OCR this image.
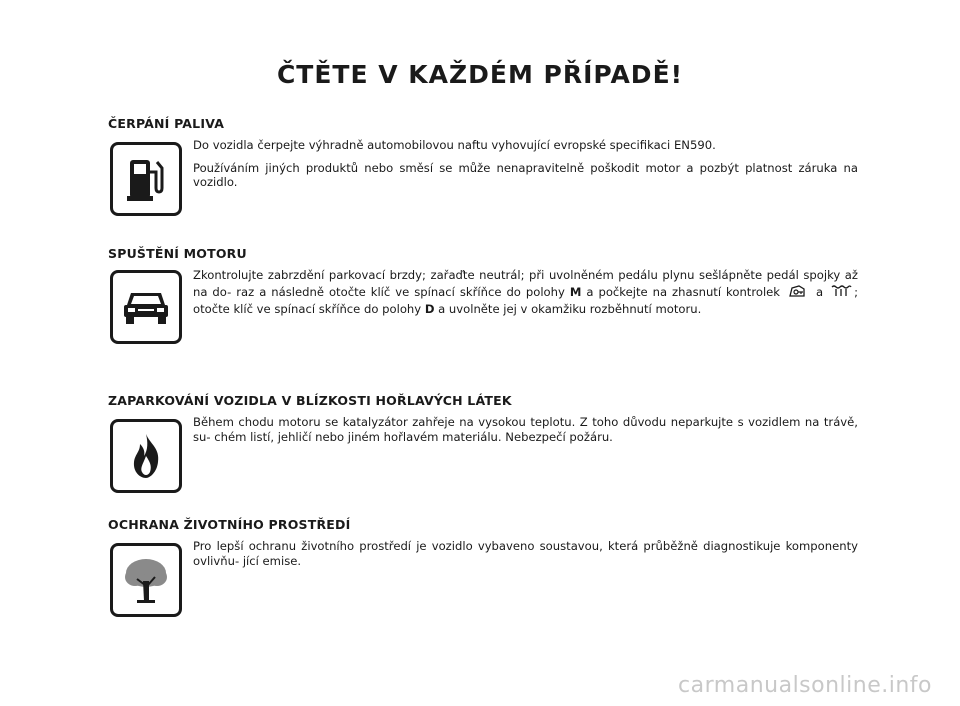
ČTĚTE V KAŽDÉM PŘÍPADĚ!
ČERPÁNÍ PALIVA

Do vozidla čerpejte výhradně automobilovou naftu vyhovující evropské specifikaci EN590.

Používáním jiných produktů nebo směsí se může nenapravitelně poškodit motor a pozbýt platnost záruka na vozidlo.

SPUŠTĚNÍ MOTORU

Zkontrolujte zabrzdění parkovací brzdy; zařaďte neutrál; při uvolněném pedálu plynu sešlápněte pedál spojky až na do- raz a následně otočte klíč ve spínací skříňce do polohy M a počkejte na zhasnutí kontrolek	a	; otočte klíč ve spínací skříňce do polohy D a uvolněte jej v okamžiku rozběhnutí motoru.

ZAPARKOVÁNÍ VOZIDLA V BLÍZKOSTI HOŘLAVÝCH LÁTEK

Během chodu motoru se katalyzátor zahřeje na vysokou teplotu. Z toho důvodu neparkujte s vozidlem na trávě, su- chém listí, jehličí nebo jiném hořlavém materiálu. Nebezpečí požáru.

OCHRANA ŽIVOTNÍHO PROSTŘEDÍ

Pro lepší ochranu životního prostředí je vozidlo vybaveno soustavou, která průběžně diagnostikuje komponenty ovlivňu- jící emise.

carmanualsonline.info
